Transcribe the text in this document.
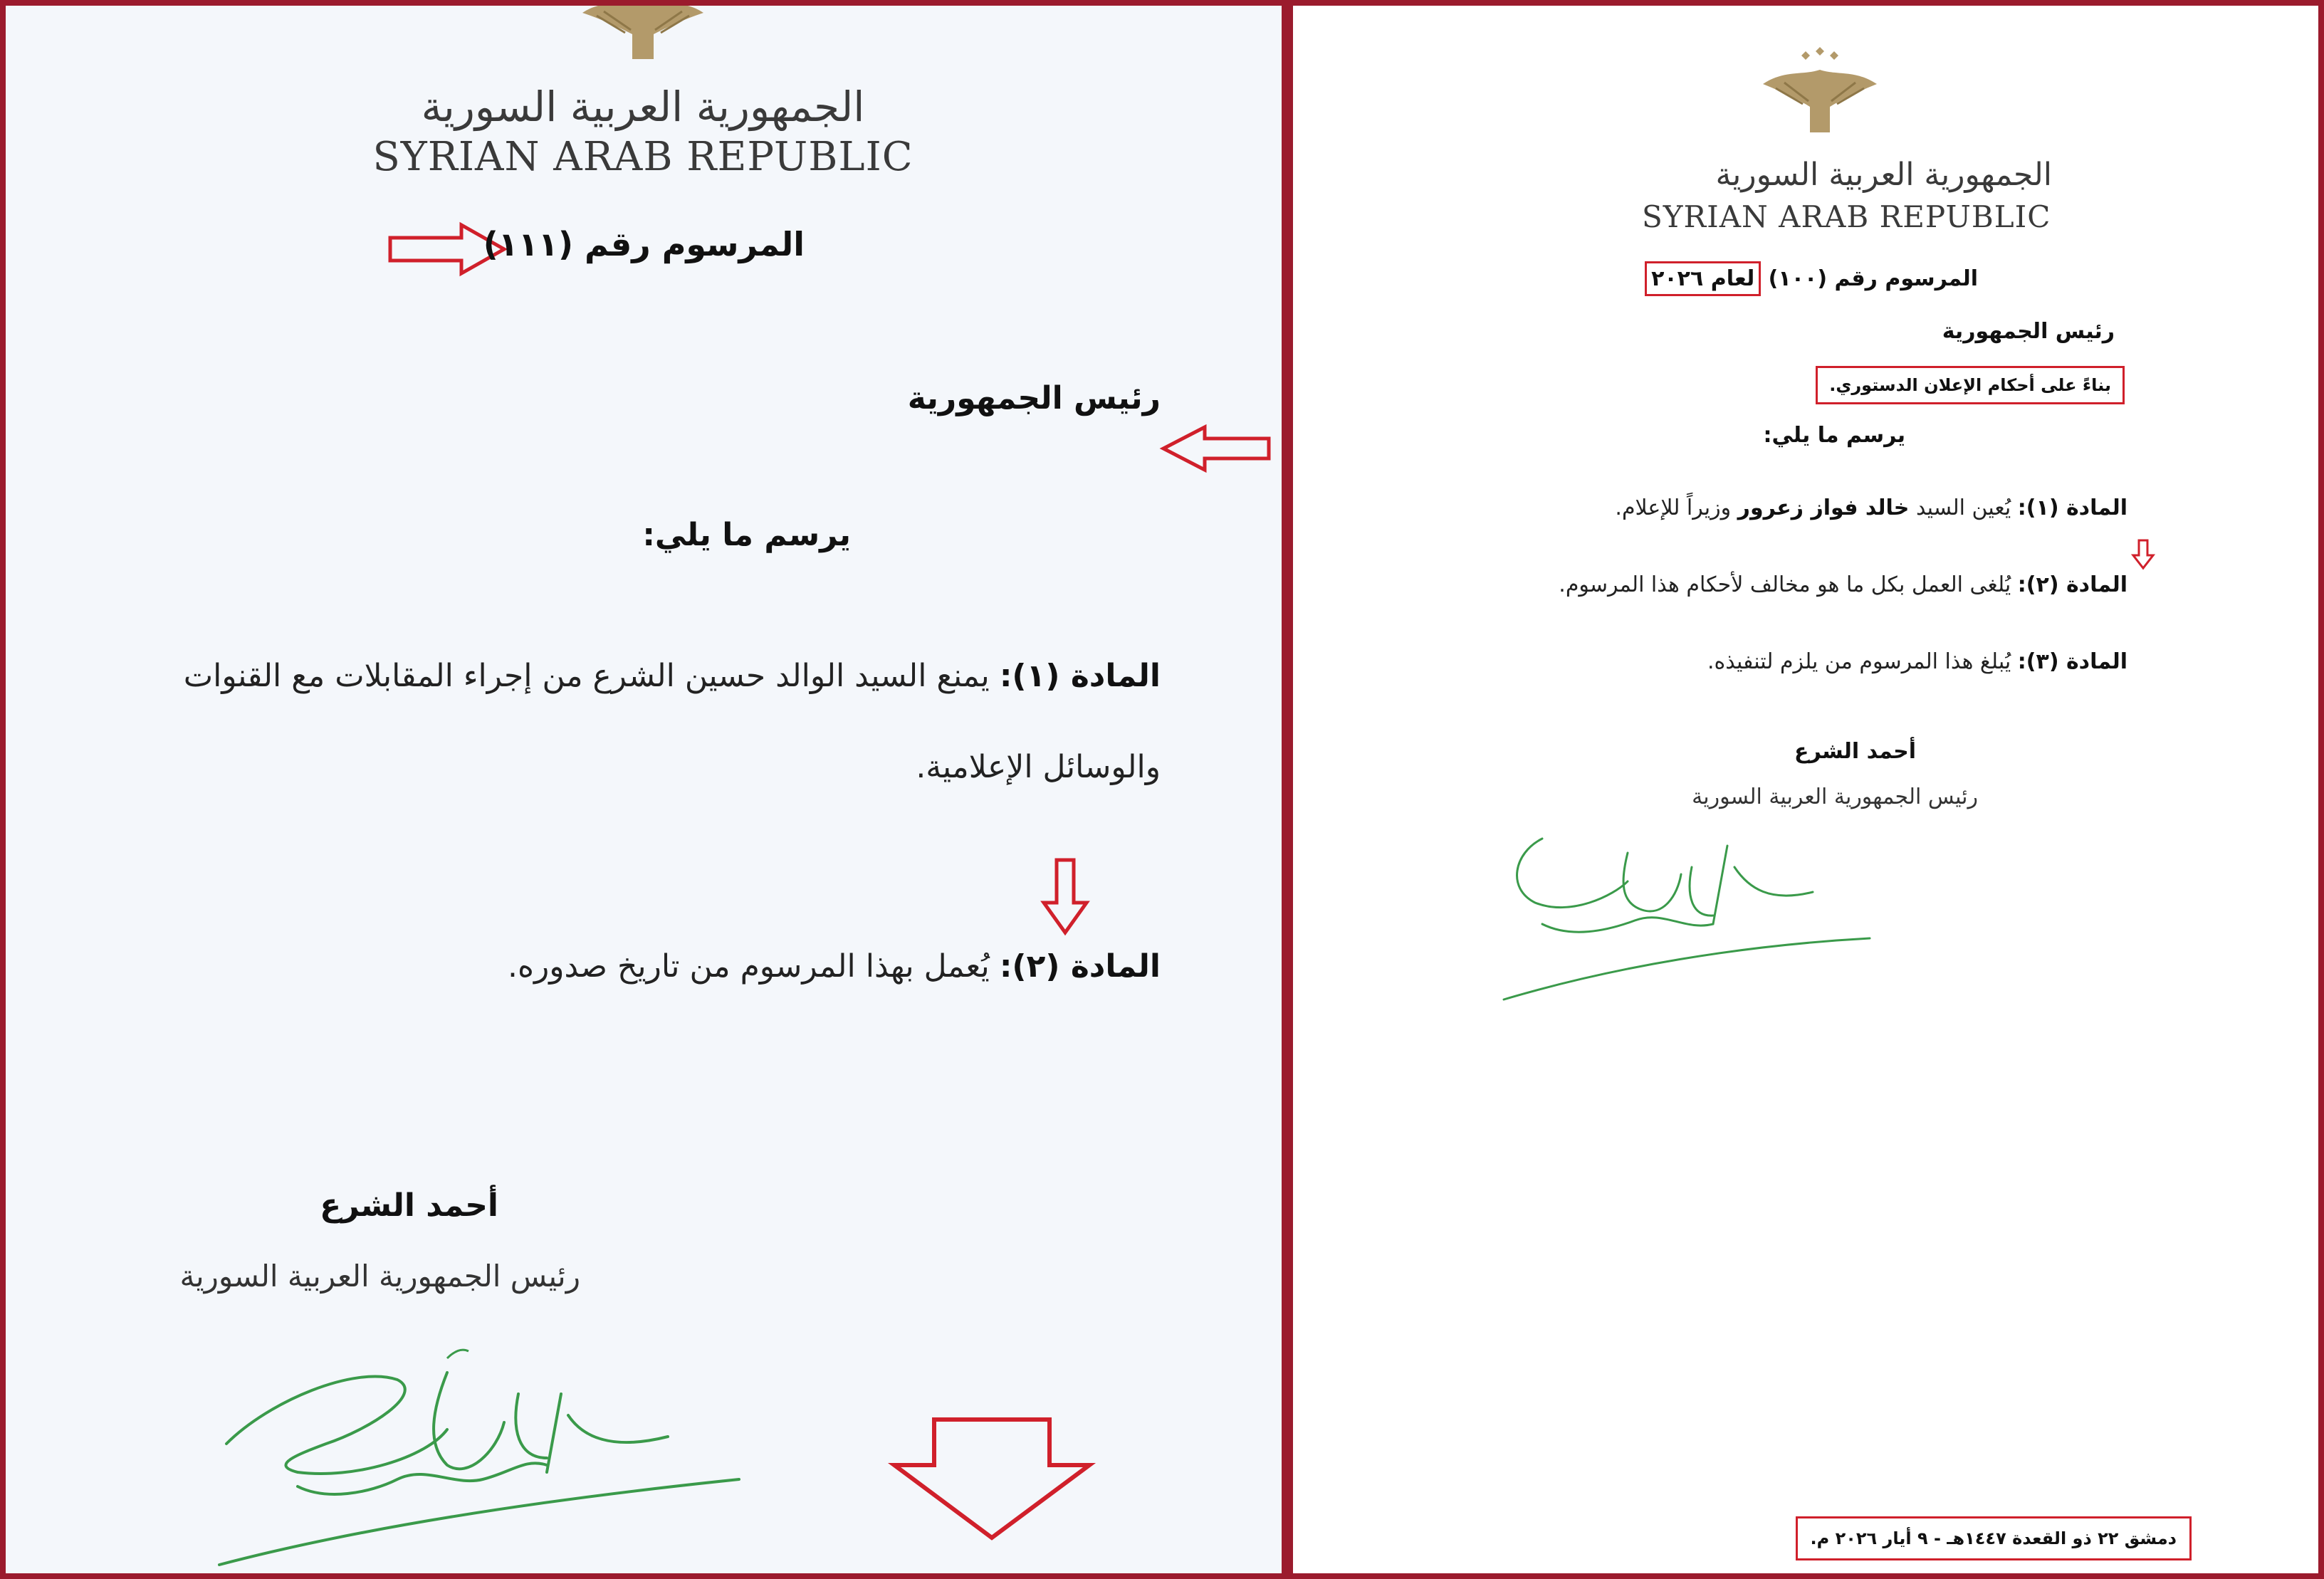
الجمهورية العربية السورية
SYRIAN ARAB REPUBLIC
المرسوم رقم (١١١)
رئيس الجمهورية
يرسم ما يلي:
المادة (١): يمنع السيد الوالد حسين الشرع من إجراء المقابلات مع القنوات
والوسائل الإعلامية.
المادة (٢): يُعمل بهذا المرسوم من تاريخ صدوره.
أحمد الشرع
رئيس الجمهورية العربية السورية
الجمهورية العربية السورية
SYRIAN ARAB REPUBLIC
المرسوم رقم (١٠٠) لعام ٢٠٢٦
رئيس الجمهورية
بناءً على أحكام الإعلان الدستوري.
يرسم ما يلي:
المادة (١): يُعين السيد خالد فواز زعرور وزيراً للإعلام.
المادة (٢): يُلغى العمل بكل ما هو مخالف لأحكام هذا المرسوم.
المادة (٣): يُبلغ هذا المرسوم من يلزم لتنفيذه.
أحمد الشرع
رئيس الجمهورية العربية السورية
دمشق ٢٢ ذو القعدة ١٤٤٧هـ - ٩ أيار ٢٠٢٦ م.
